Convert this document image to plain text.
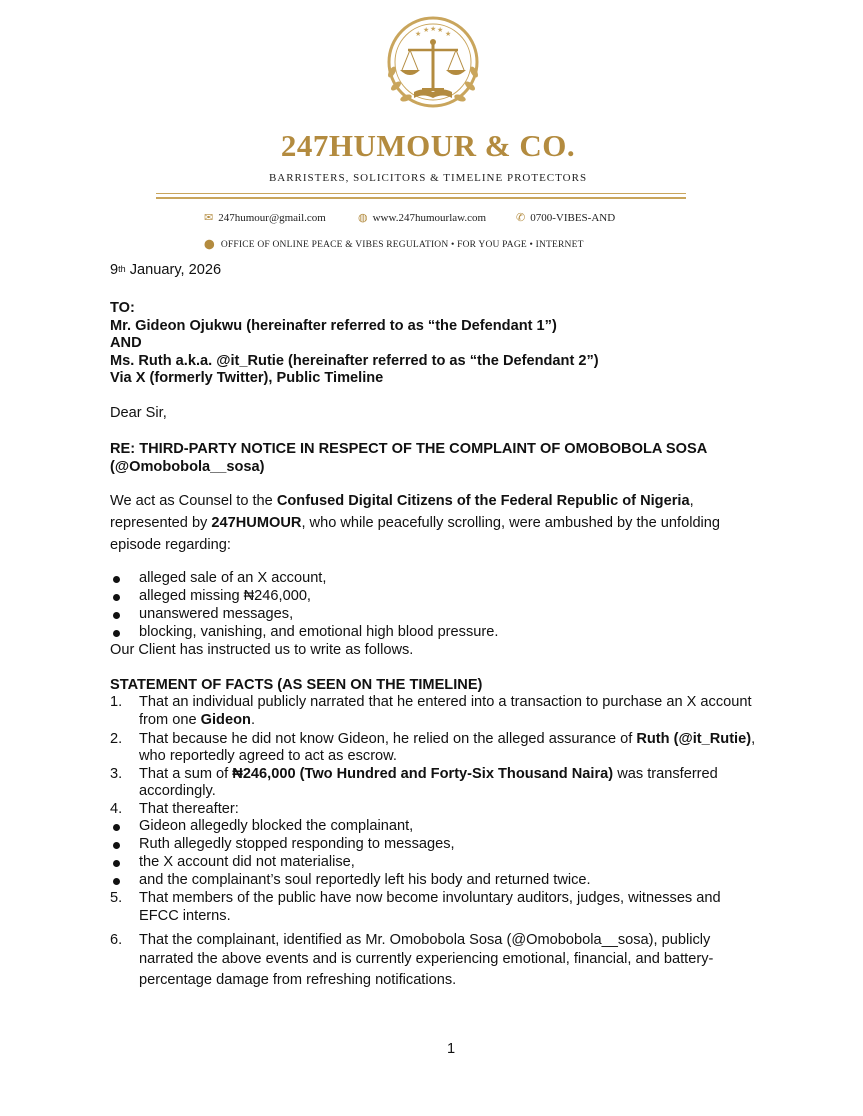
★ ★ ★ ★ ★
247HUMOUR & CO.
BARRISTERS, SOLICITORS & TIMELINE PROTECTORS
✉ 247humour@gmail.com	◍ www.247humourlaw.com	✆ 0700-VIBES-AND
⬤ OFFICE OF ONLINE PEACE & VIBES REGULATION • FOR YOU PAGE • INTERNET
9th January, 2026
TO:
Mr. Gideon Ojukwu (hereinafter referred to as “the Defendant 1”)
AND
Ms. Ruth a.k.a. @it_Rutie (hereinafter referred to as “the Defendant 2”)
Via X (formerly Twitter), Public Timeline
Dear Sir,
RE: THIRD-PARTY NOTICE IN RESPECT OF THE COMPLAINT OF OMOBOBOLA SOSA
(@Omobobola__sosa)
We act as Counsel to the Confused Digital Citizens of the Federal Republic of Nigeria,
represented by 247HUMOUR, who while peacefully scrolling, were ambushed by the unfolding
episode regarding:
alleged sale of an X account,
alleged missing ₦246,000,
unanswered messages,
blocking, vanishing, and emotional high blood pressure.
Our Client has instructed us to write as follows.
STATEMENT OF FACTS (AS SEEN ON THE TIMELINE)
1. That an individual publicly narrated that he entered into a transaction to purchase an X account
from one Gideon.
2. That because he did not know Gideon, he relied on the alleged assurance of Ruth (@it_Rutie),
who reportedly agreed to act as escrow.
3. That a sum of ₦246,000 (Two Hundred and Forty-Six Thousand Naira) was transferred
accordingly.
4. That thereafter:
Gideon allegedly blocked the complainant,
Ruth allegedly stopped responding to messages,
the X account did not materialise,
and the complainant’s soul reportedly left his body and returned twice.
5. That members of the public have now become involuntary auditors, judges, witnesses and
EFCC interns.
6. That the complainant, identified as Mr. Omobobola Sosa (@Omobobola__sosa), publicly
narrated the above events and is currently experiencing emotional, financial, and battery-
percentage damage from refreshing notifications.
1
